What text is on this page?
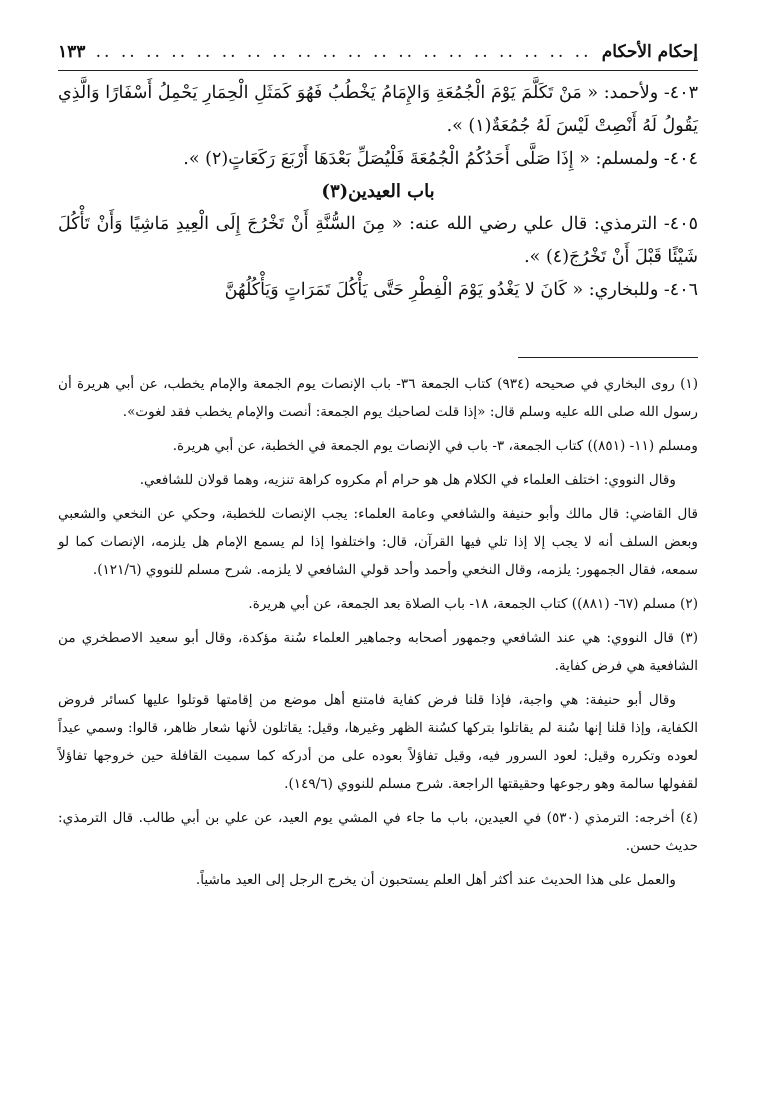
إحكام الأحكام
.. .. .. .. .. .. .. .. .. .. .. .. .. .. .. .. .. .. .. ..
١٣٣

٤٠٣- ولأحمد: « مَنْ تَكَلَّمَ يَوْمَ الْجُمُعَةِ وَالإِمَامُ يَخْطُبُ فَهُوَ كَمَثَلِ الْحِمَارِ يَحْمِلُ أَسْفَارًا وَالَّذِي يَقُولُ لَهُ أَنْصِتْ لَيْسَ لَهُ جُمُعَةٌ(١) ».

٤٠٤- ولمسلم: « إِذَا صَلَّى أَحَدُكُمُ الْجُمُعَةَ فَلْيُصَلِّ بَعْدَهَا أَرْبَعَ رَكَعَاتٍ(٢) ».

باب العيدين(٣)

٤٠٥- الترمذي: قال علي رضي الله عنه: « مِنَ السُّنَّةِ أَنْ تَخْرُجَ إِلَى الْعِيدِ مَاشِيًا وَأَنْ تَأْكُلَ شَيْئًا قَبْلَ أَنْ تَخْرُجَ(٤) ».

٤٠٦- وللبخاري: « كَانَ لا يَغْدُو يَوْمَ الْفِطْرِ حَتَّى يَأْكُلَ تَمَرَاتٍ وَيَأْكُلُهُنَّ

(١) روى البخاري في صحيحه (٩٣٤) كتاب الجمعة ٣٦- باب الإنصات يوم الجمعة والإمام يخطب، عن أبي هريرة أن رسول الله صلى الله عليه وسلم قال: «إذا قلت لصاحبك يوم الجمعة: أنصت والإمام يخطب فقد لغوت».

ومسلم (١١- (٨٥١)) كتاب الجمعة، ٣- باب في الإنصات يوم الجمعة في الخطبة، عن أبي هريرة.

وقال النووي: اختلف العلماء في الكلام هل هو حرام أم مكروه كراهة تنزيه، وهما قولان للشافعي.

قال القاضي: قال مالك وأبو حنيفة والشافعي وعامة العلماء: يجب الإنصات للخطبة، وحكي عن النخعي والشعبي وبعض السلف أنه لا يجب إلا إذا تلي فيها القرآن، قال: واختلفوا إذا لم يسمع الإمام هل يلزمه، الإنصات كما لو سمعه، فقال الجمهور: يلزمه، وقال النخعي وأحمد وأحد قولي الشافعي لا يلزمه. شرح مسلم للنووي (١٢١/٦).

(٢) مسلم (٦٧- (٨٨١)) كتاب الجمعة، ١٨- باب الصلاة بعد الجمعة، عن أبي هريرة.

(٣) قال النووي: هي عند الشافعي وجمهور أصحابه وجماهير العلماء سُنة مؤكدة، وقال أبو سعيد الاصطخري من الشافعية هي فرض كفاية.

وقال أبو حنيفة: هي واجبة، فإذا قلنا فرض كفاية فامتنع أهل موضع من إقامتها قوتلوا عليها كسائر فروض الكفاية، وإذا قلنا إنها سُنة لم يقاتلوا بتركها كسُنة الظهر وغيرها، وقيل: يقاتلون لأنها شعار ظاهر، قالوا: وسمي عيداً لعوده وتكرره وقيل: لعود السرور فيه، وقيل تفاؤلاً بعوده على من أدركه كما سميت القافلة حين خروجها تفاؤلاً لقفولها سالمة وهو رجوعها وحقيقتها الراجعة. شرح مسلم للنووي (١٤٩/٦).

(٤) أخرجه: الترمذي (٥٣٠) في العيدين، باب ما جاء في المشي يوم العيد، عن علي بن أبي طالب. قال الترمذي: حديث حسن.

والعمل على هذا الحديث عند أكثر أهل العلم يستحبون أن يخرج الرجل إلى العيد ماشياً.
